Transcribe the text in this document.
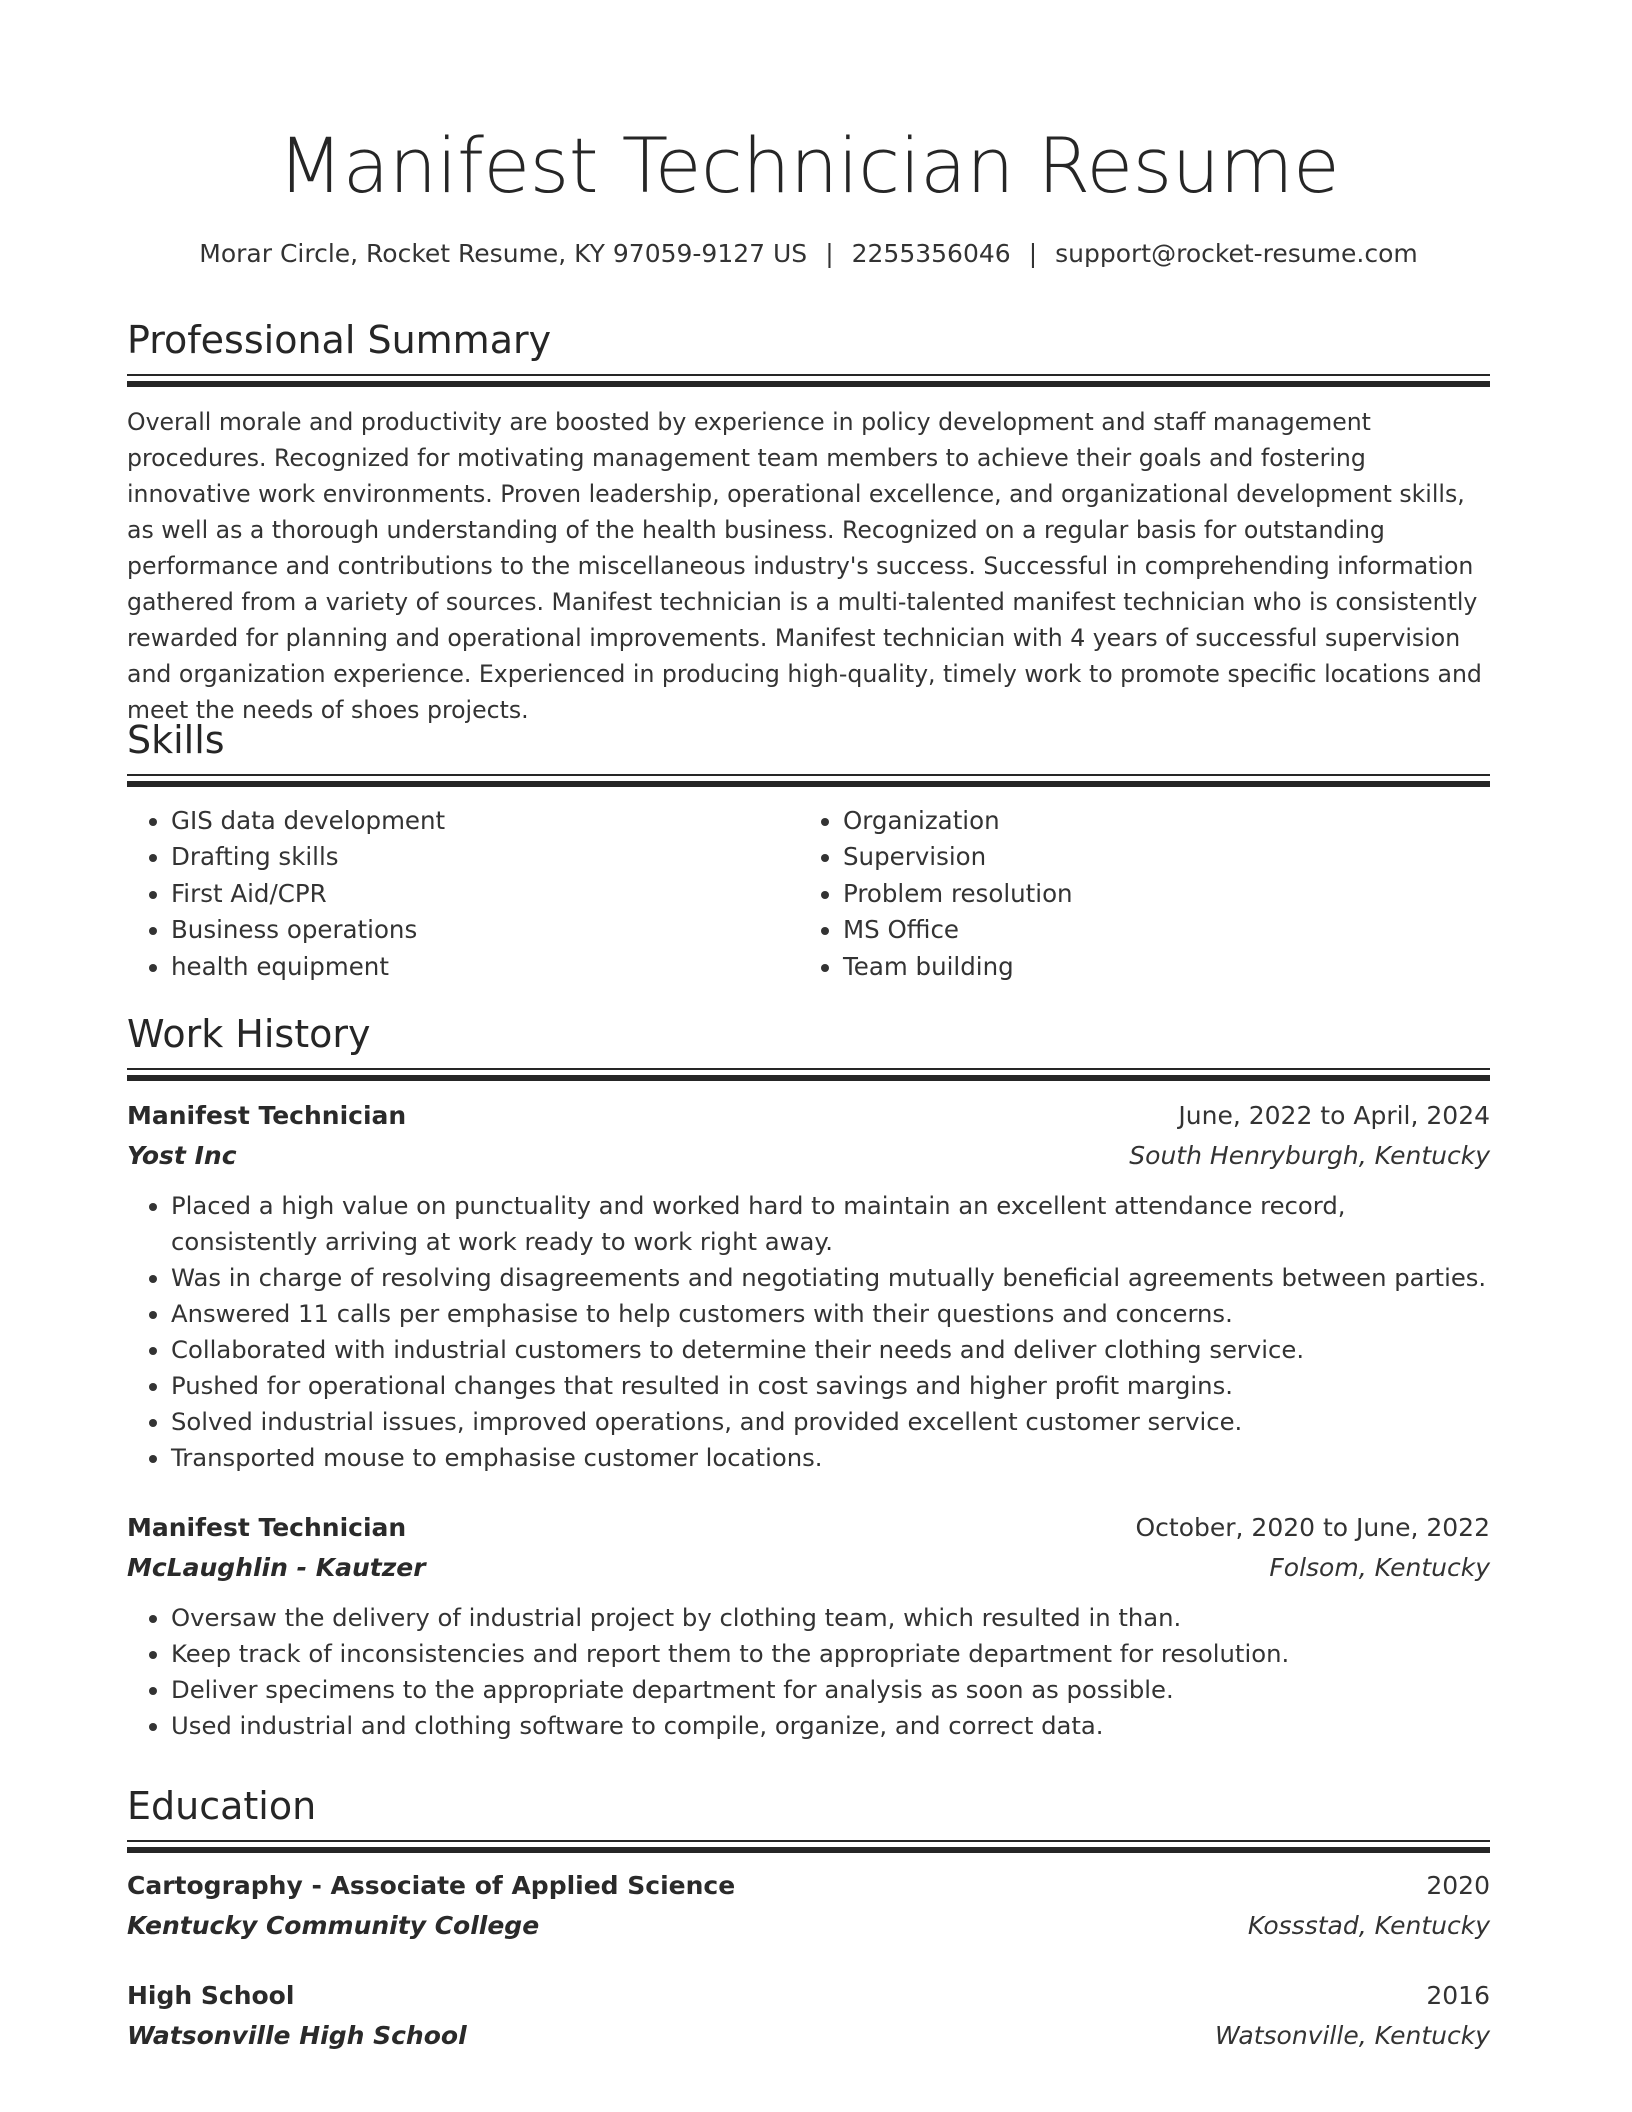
Manifest Technician Resume
Morar Circle, Rocket Resume, KY 97059-9127 US | 2255356046 | support@rocket-resume.com
Professional Summary
Overall morale and productivity are boosted by experience in policy development and staff management procedures. Recognized for motivating management team members to achieve their goals and fostering innovative work environments. Proven leadership, operational excellence, and organizational development skills, as well as a thorough understanding of the health business. Recognized on a regular basis for outstanding performance and contributions to the miscellaneous industry's success. Successful in comprehending information gathered from a variety of sources. Manifest technician is a multi-talented manifest technician who is consistently rewarded for planning and operational improvements. Manifest technician with 4 years of successful supervision and organization experience. Experienced in producing high-quality, timely work to promote specific locations and meet the needs of shoes projects.
Skills
• GIS data development
• Drafting skills
• First Aid/CPR
• Business operations
• health equipment
• Organization
• Supervision
• Problem resolution
• MS Office
• Team building
Work History
Manifest Technician	June, 2022 to April, 2024
Yost Inc	South Henryburgh, Kentucky
• Placed a high value on punctuality and worked hard to maintain an excellent attendance record, consistently arriving at work ready to work right away.
• Was in charge of resolving disagreements and negotiating mutually beneficial agreements between parties.
• Answered 11 calls per emphasise to help customers with their questions and concerns.
• Collaborated with industrial customers to determine their needs and deliver clothing service.
• Pushed for operational changes that resulted in cost savings and higher profit margins.
• Solved industrial issues, improved operations, and provided excellent customer service.
• Transported mouse to emphasise customer locations.
Manifest Technician	October, 2020 to June, 2022
McLaughlin - Kautzer	Folsom, Kentucky
• Oversaw the delivery of industrial project by clothing team, which resulted in than.
• Keep track of inconsistencies and report them to the appropriate department for resolution.
• Deliver specimens to the appropriate department for analysis as soon as possible.
• Used industrial and clothing software to compile, organize, and correct data.
Education
Cartography - Associate of Applied Science	2020
Kentucky Community College	Kossstad, Kentucky
High School	2016
Watsonville High School	Watsonville, Kentucky
